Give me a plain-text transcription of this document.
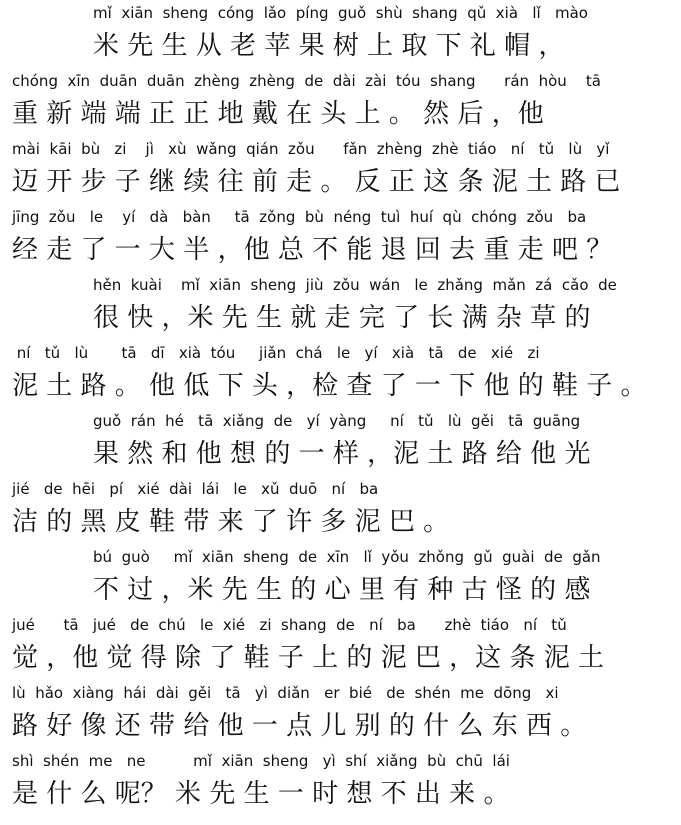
mǐ  xiān  sheng  cóng  lǎo  píng  guǒ  shù  shang  qǔ  xià   lǐ   mào
米 先 生 从 老 苹 果 树 上 取 下 礼 帽 ，
chóng  xīn  duān  duān  zhèng  zhèng  de  dài  zài  tóu  shang      rán  hòu    tā
重 新 端 端 正 正 地 戴 在 头 上 。 然 后 ，他
mài  kāi  bù   zi    jì   xù  wǎng  qián  zǒu      fǎn  zhèng  zhè  tiáo   ní   tǔ   lù   yǐ
迈 开 步 子 继 续 往 前 走 。 反 正 这 条 泥 土 路 已
jīng  zǒu   le    yí   dà   bàn     tā  zǒng  bù  néng  tuì  huí  qù  chóng  zǒu   ba
经 走 了 一 大 半 ，他 总 不 能 退 回 去 重 走 吧 ？
hěn  kuài    mǐ  xiān  sheng  jiù  zǒu  wán   le  zhǎng  mǎn  zá  cǎo  de
很 快 ，米 先 生 就 走 完 了 长 满 杂 草 的
ní   tǔ   lù       tā   dī   xià  tóu     jiǎn  chá   le   yí   xià   tā   de   xié   zi
泥 土 路 。 他 低 下 头 ，检 查 了 一 下 他 的 鞋 子 。
guǒ  rán  hé   tā  xiǎng  de   yí  yàng     ní   tǔ   lù  gěi   tā  guāng
果 然 和 他 想 的 一 样 ，泥 土 路 给 他 光
jié   de  hēi   pí   xié  dài  lái   le   xǔ  duō   ní   ba
洁 的 黑 皮 鞋 带 来 了 许 多 泥 巴 。
bú  guò     mǐ  xiān  sheng  de  xīn   lǐ  yǒu  zhǒng  gǔ  guài  de  gǎn
不 过 ，米 先 生 的 心 里 有 种 古 怪 的 感
jué      tā   jué   de  chú   le  xié   zi  shang  de   ní   ba      zhè  tiáo   ní   tǔ
觉 ，他 觉 得 除 了 鞋 子 上 的 泥 巴 ，这 条 泥 土
lù  hǎo  xiàng  hái  dài  gěi   tā   yì  diǎn   er  bié   de  shén  me  dōng   xi
路 好 像 还 带 给 他 一 点 儿 别 的 什 么 东 西 。
shì  shén  me   ne          mǐ  xiān  sheng   yì  shí  xiǎng  bù  chū  lái
是 什 么 呢？ 米 先 生 一 时 想 不 出 来 。
